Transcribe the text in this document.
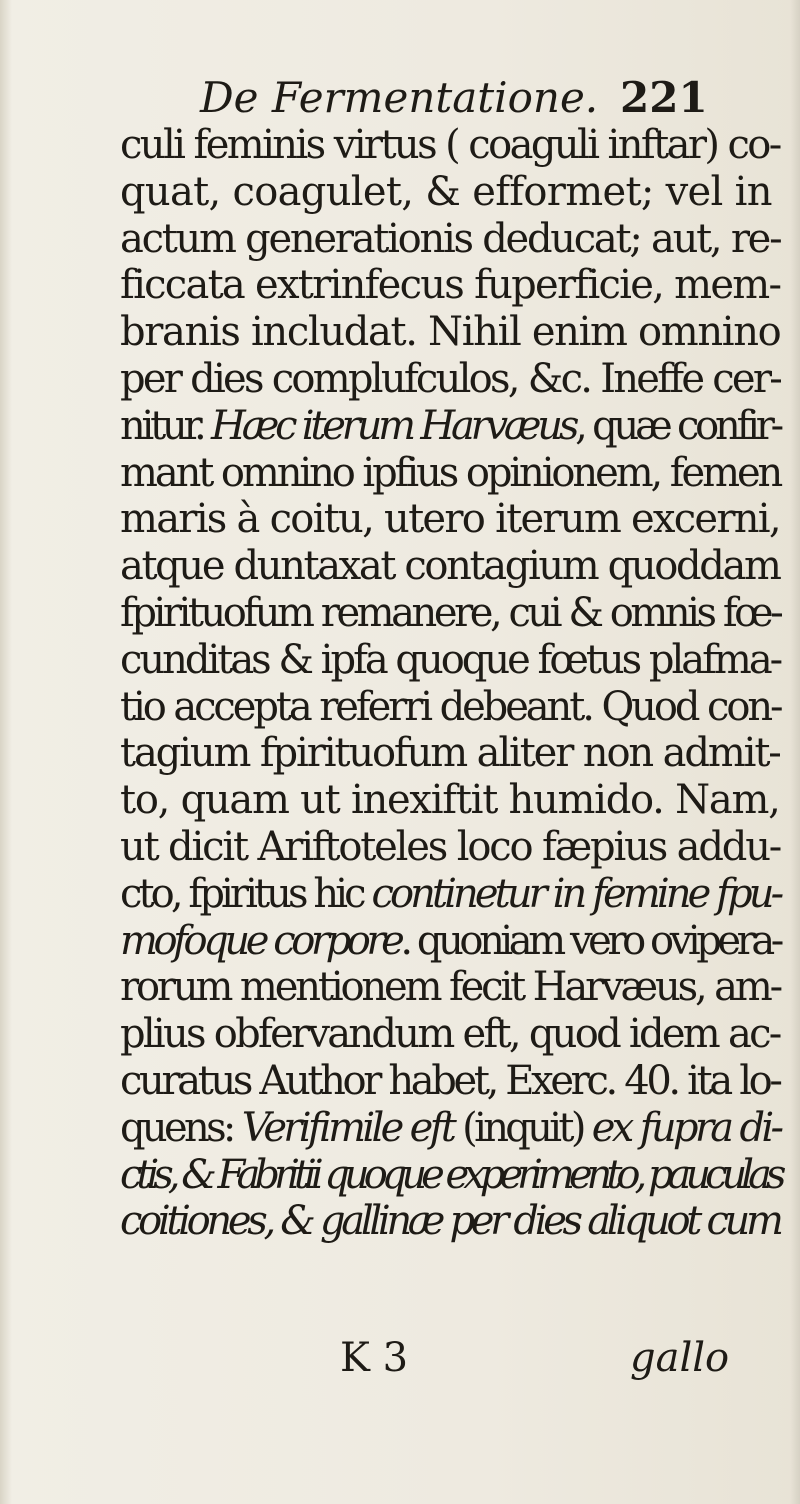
De Fermentatione. 221
culi feminis virtus ( coaguli inftar) co-
quat, coagulet, & efformet; vel in
actum generationis deducat; aut, re-
ficcata extrinfecus fuperficie, mem-
branis includat. Nihil enim omnino
per dies complufculos, &c. Ineffe cer-
nitur. Hæc iterum Harvæus, quæ confir-
mant omnino ipfius opinionem, femen
maris à coitu, utero iterum excerni,
atque duntaxat contagium quoddam
fpirituofum remanere, cui & omnis fœ-
cunditas & ipfa quoque fœtus plafma-
tio accepta referri debeant. Quod con-
tagium fpirituofum aliter non admit-
to, quam ut inexiftit humido. Nam,
ut dicit Ariftoteles loco fæpius addu-
cto, fpiritus hic continetur in femine fpu-
mofoque corpore. quoniam vero ovipera-
rorum mentionem fecit Harvæus, am-
plius obfervandum eft, quod idem ac-
curatus Author habet, Exerc. 40. ita lo-
quens: Verifimile eft (inquit) ex fupra di-
ctis, & Fabritii quoque experimento, pauculas
coitiones, & gallinæ per dies aliquot cum
K 3	gallo
